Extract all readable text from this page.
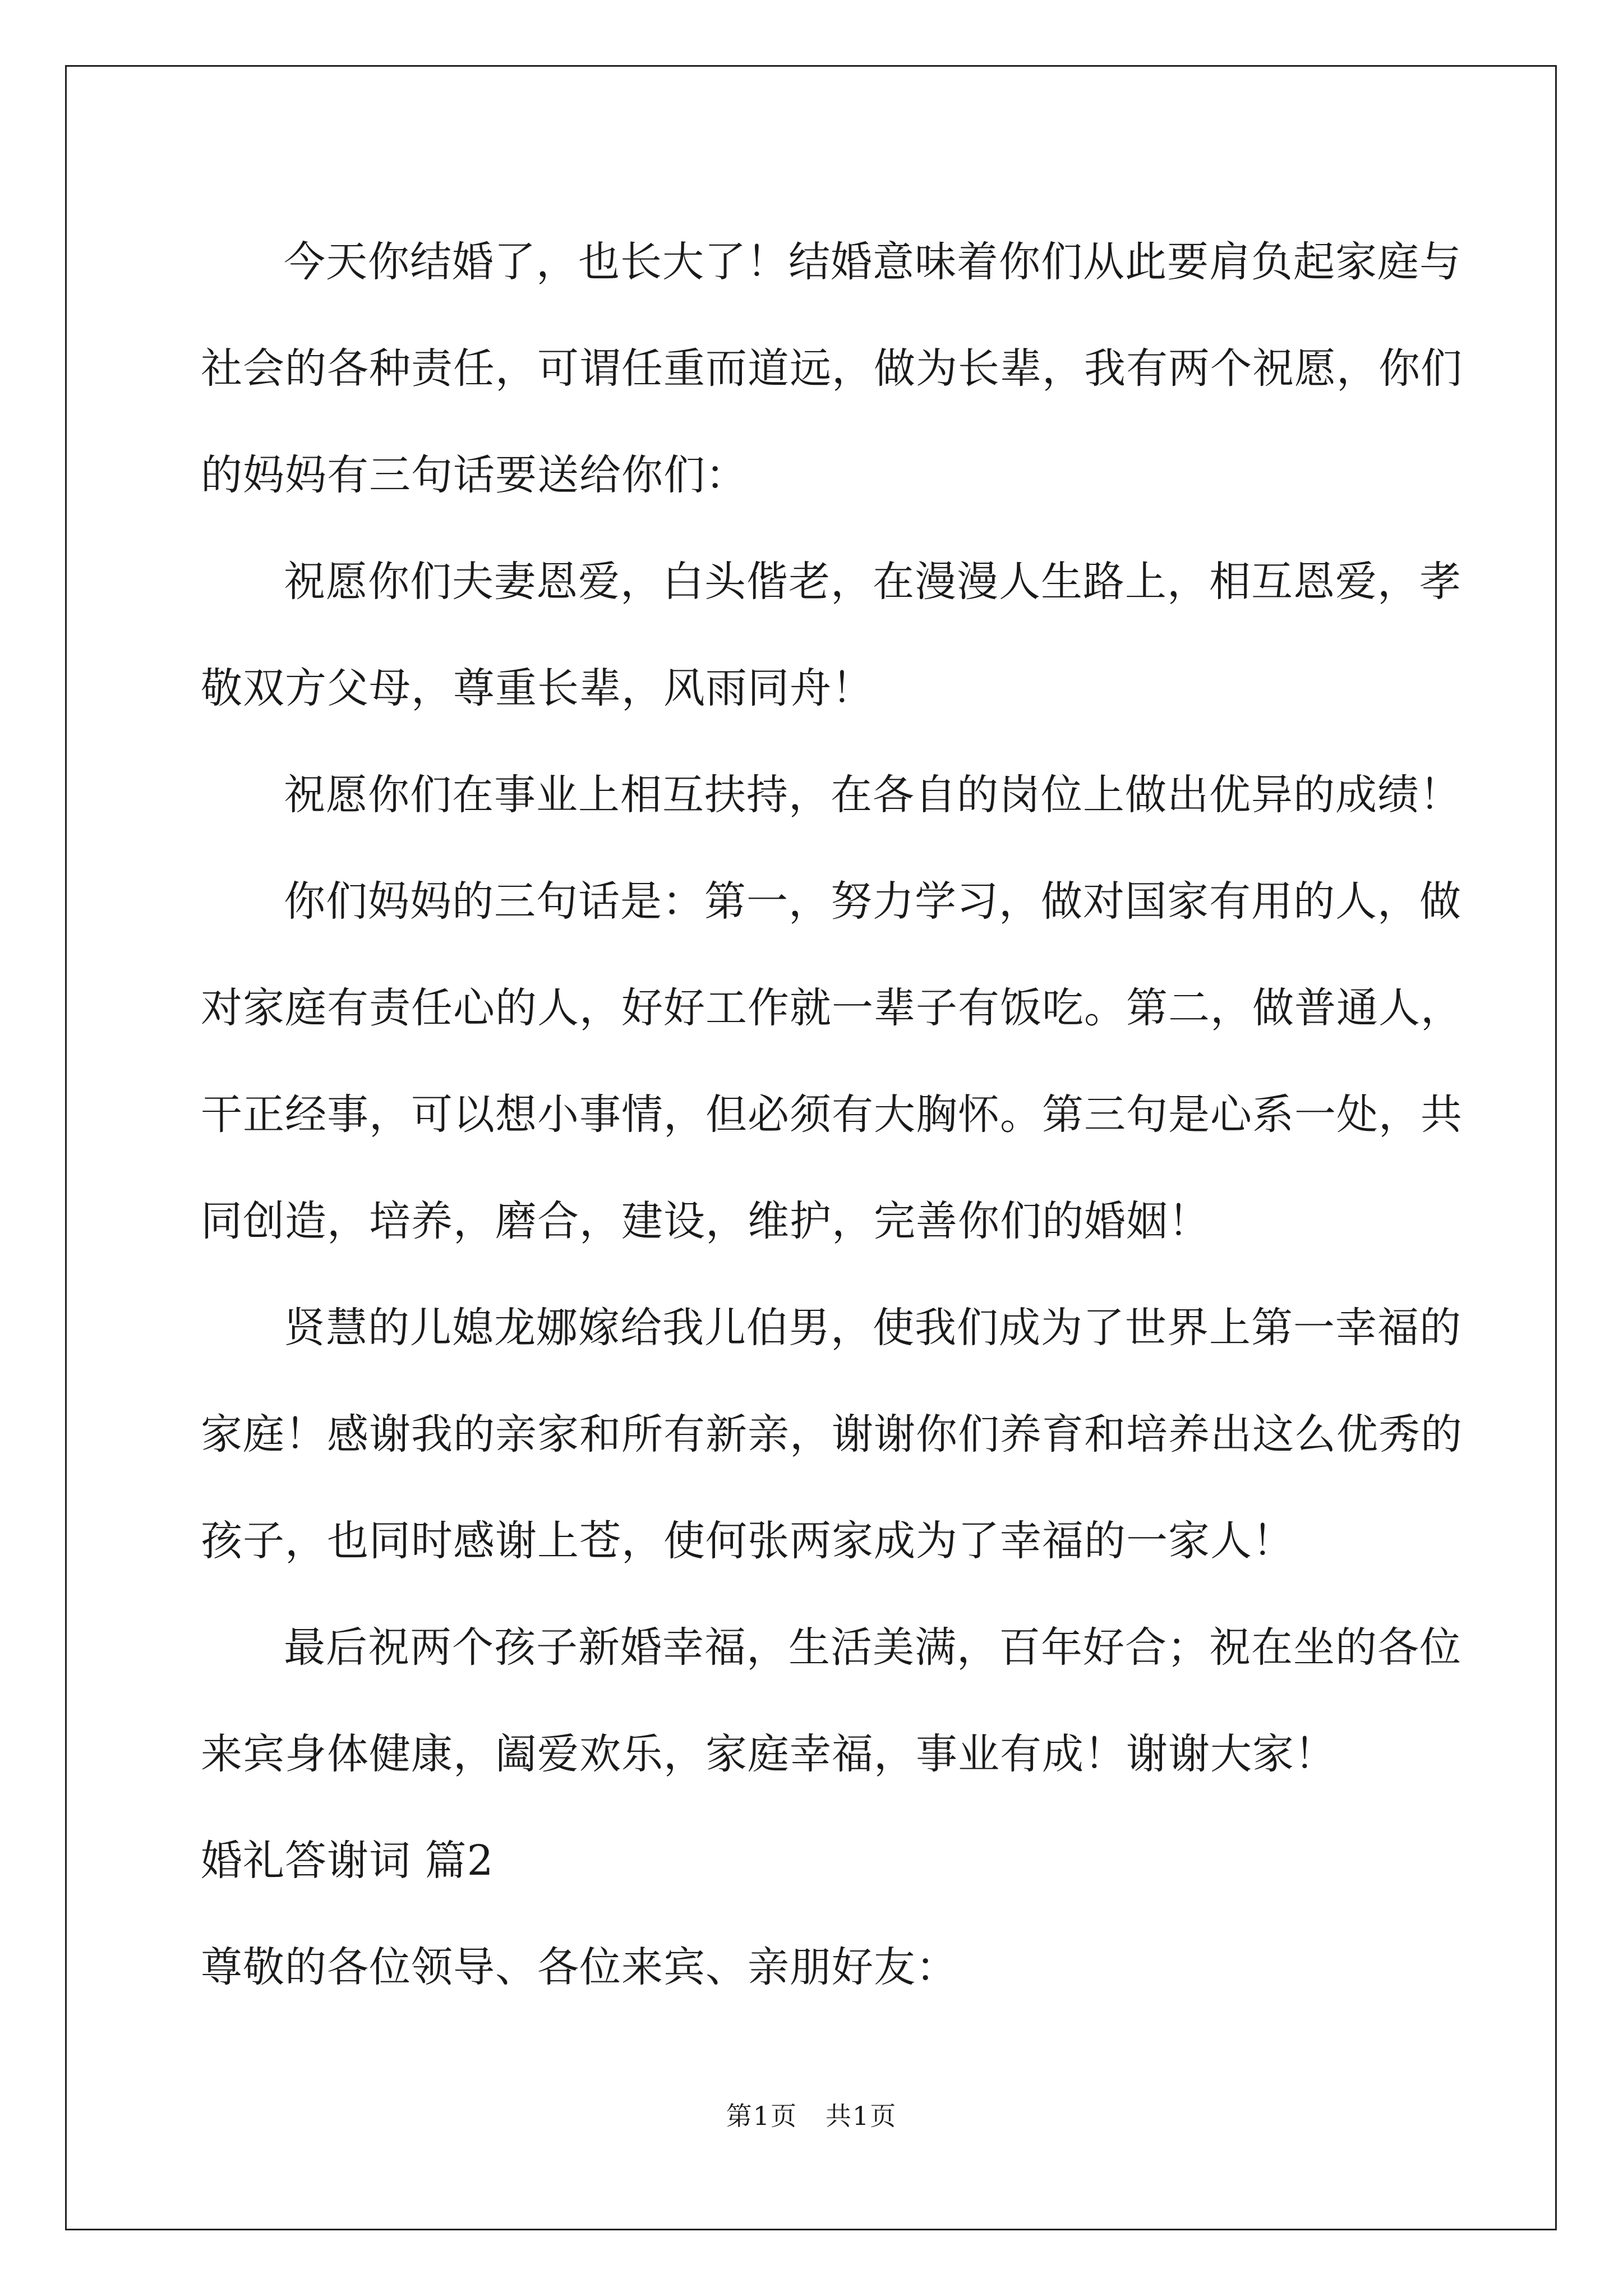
今天你结婚了，也长大了！结婚意味着你们从此要肩负起家庭与
社会的各种责任，可谓任重而道远，做为长辈，我有两个祝愿，你们
的妈妈有三句话要送给你们：
祝愿你们夫妻恩爱，白头偕老，在漫漫人生路上，相互恩爱，孝
敬双方父母，尊重长辈，风雨同舟！
祝愿你们在事业上相互扶持，在各自的岗位上做出优异的成绩！
你们妈妈的三句话是：第一，努力学习，做对国家有用的人，做
对家庭有责任心的人，好好工作就一辈子有饭吃。第二，做普通人，
干正经事，可以想小事情，但必须有大胸怀。第三句是心系一处，共
同创造，培养，磨合，建设，维护，完善你们的婚姻！
贤慧的儿媳龙娜嫁给我儿伯男，使我们成为了世界上第一幸福的
家庭！感谢我的亲家和所有新亲，谢谢你们养育和培养出这么优秀的
孩子，也同时感谢上苍，使何张两家成为了幸福的一家人！
最后祝两个孩子新婚幸福，生活美满，百年好合；祝在坐的各位
来宾身体健康，阖爱欢乐，家庭幸福，事业有成！谢谢大家！
婚礼答谢词 篇2
尊敬的各位领导、各位来宾、亲朋好友：
第1页   共1页
